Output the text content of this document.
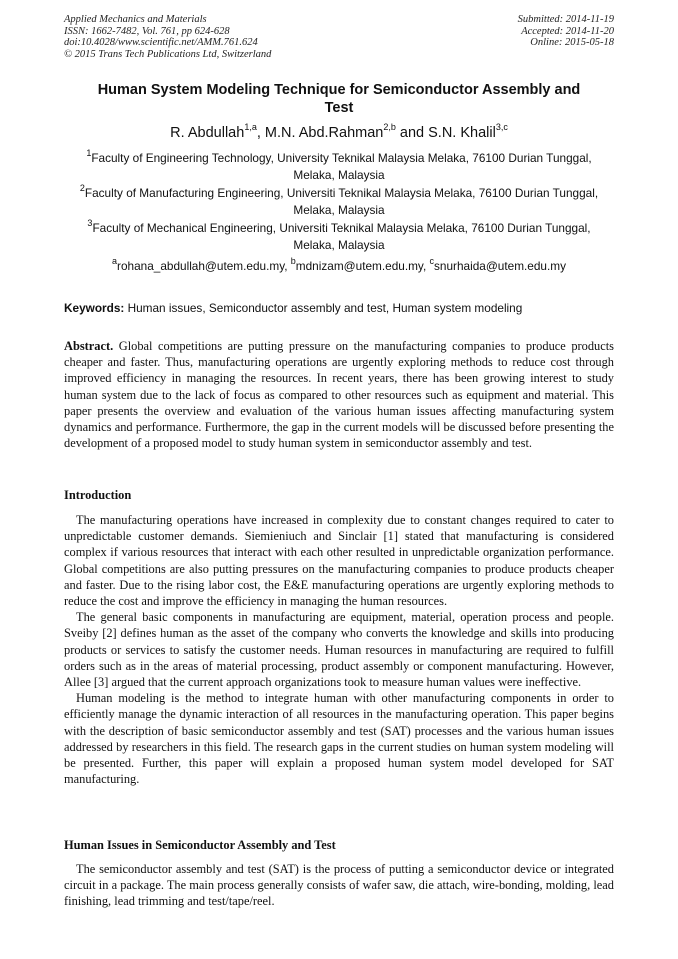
Applied Mechanics and Materials
ISSN: 1662-7482, Vol. 761, pp 624-628
doi:10.4028/www.scientific.net/AMM.761.624
© 2015 Trans Tech Publications Ltd, Switzerland
Submitted: 2014-11-19
Accepted: 2014-11-20
Online: 2015-05-18
Human System Modeling Technique for Semiconductor Assembly and
Test
R. Abdullah$^{1,a}$, M.N. Abd.Rahman$^{2,b}$ and S.N. Khalil$^{3,c}$
$^1$Faculty of Engineering Technology, University Teknikal Malaysia Melaka, 76100 Durian Tunggal,
Melaka, Malaysia
$^2$Faculty of Manufacturing Engineering, Universiti Teknikal Malaysia Melaka, 76100 Durian Tunggal,
Melaka, Malaysia
$^3$Faculty of Mechanical Engineering, Universiti Teknikal Malaysia Melaka, 76100 Durian Tunggal,
Melaka, Malaysia
$^a$rohana_abdullah@utem.edu.my, $^b$mdnizam@utem.edu.my, $^c$snurhaida@utem.edu.my
Keywords: Human issues, Semiconductor assembly and test, Human system modeling

Abstract. Global competitions are putting pressure on the manufacturing companies to produce products cheaper and faster. Thus, manufacturing operations are urgently exploring methods to reduce cost through improved efficiency in managing the resources. In recent years, there has been growing interest to study human system due to the lack of focus as compared to other resources such as equipment and material. This paper presents the overview and evaluation of the various human issues affecting manufacturing system dynamics and performance. Furthermore, the gap in the current models will be discussed before presenting the development of a proposed model to study human system in semiconductor assembly and test.

Introduction

The manufacturing operations have increased in complexity due to constant changes required to cater to unpredictable customer demands. Siemieniuch and Sinclair [1] stated that manufacturing is considered complex if various resources that interact with each other resulted in unpredictable organization performance. Global competitions are also putting pressures on the manufacturing companies to produce products cheaper and faster. Due to the rising labor cost, the E&E manufacturing operations are urgently exploring methods to reduce the cost and improve the efficiency in managing the human resources.

The general basic components in manufacturing are equipment, material, operation process and people. Sveiby [2] defines human as the asset of the company who converts the knowledge and skills into producing products or services to satisfy the customer needs. Human resources in manufacturing are required to fulfill orders such as in the areas of material processing, product assembly or component manufacturing. However, Allee [3] argued that the current approach organizations took to measure human values were ineffective.

Human modeling is the method to integrate human with other manufacturing components in order to efficiently manage the dynamic interaction of all resources in the manufacturing operation. This paper begins with the description of basic semiconductor assembly and test (SAT) processes and the various human issues addressed by researchers in this field. The research gaps in the current studies on human system modeling will be presented. Further, this paper will explain a proposed human system model developed for SAT manufacturing.

Human Issues in Semiconductor Assembly and Test

The semiconductor assembly and test (SAT) is the process of putting a semiconductor device or integrated circuit in a package. The main process generally consists of wafer saw, die attach, wire-bonding, molding, lead finishing, lead trimming and test/tape/reel.
